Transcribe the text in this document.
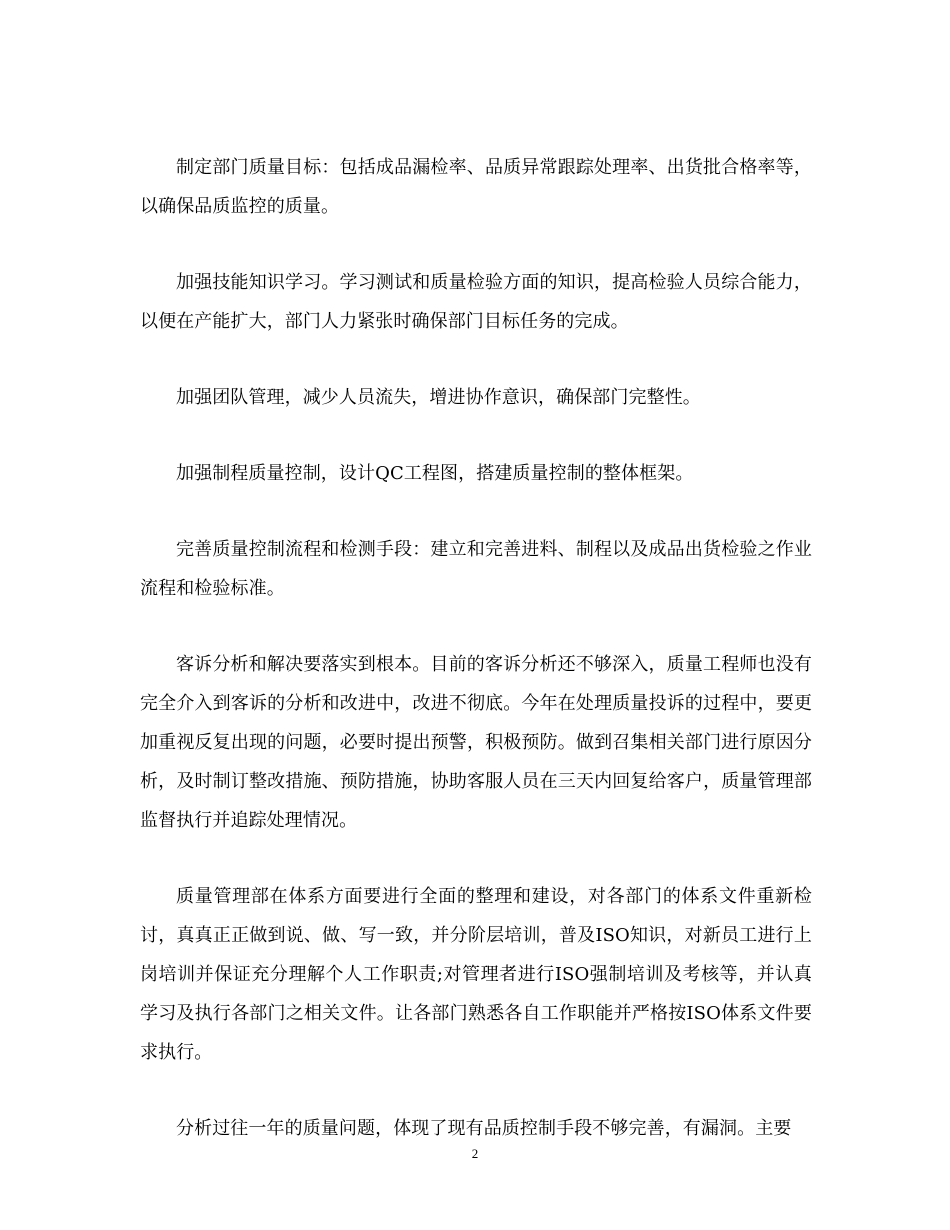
制定部门质量目标：包括成品漏检率、品质异常跟踪处理率、出货批合格率等，以确保品质监控的质量。

加强技能知识学习。学习测试和质量检验方面的知识，提高检验人员综合能力，以便在产能扩大，部门人力紧张时确保部门目标任务的完成。

加强团队管理，减少人员流失，增进协作意识，确保部门完整性。

加强制程质量控制，设计QC工程图，搭建质量控制的整体框架。

完善质量控制流程和检测手段：建立和完善进料、制程以及成品出货检验之作业流程和检验标准。

客诉分析和解决要落实到根本。目前的客诉分析还不够深入，质量工程师也没有完全介入到客诉的分析和改进中，改进不彻底。今年在处理质量投诉的过程中，要更加重视反复出现的问题，必要时提出预警，积极预防。做到召集相关部门进行原因分析，及时制订整改措施、预防措施，协助客服人员在三天内回复给客户，质量管理部监督执行并追踪处理情况。

质量管理部在体系方面要进行全面的整理和建设，对各部门的体系文件重新检讨，真真正正做到说、做、写一致，并分阶层培训，普及ISO知识，对新员工进行上岗培训并保证充分理解个人工作职责;对管理者进行ISO强制培训及考核等，并认真学习及执行各部门之相关文件。让各部门熟悉各自工作职能并严格按ISO体系文件要求执行。

分析过往一年的质量问题，体现了现有品质控制手段不够完善，有漏洞。主要

2
